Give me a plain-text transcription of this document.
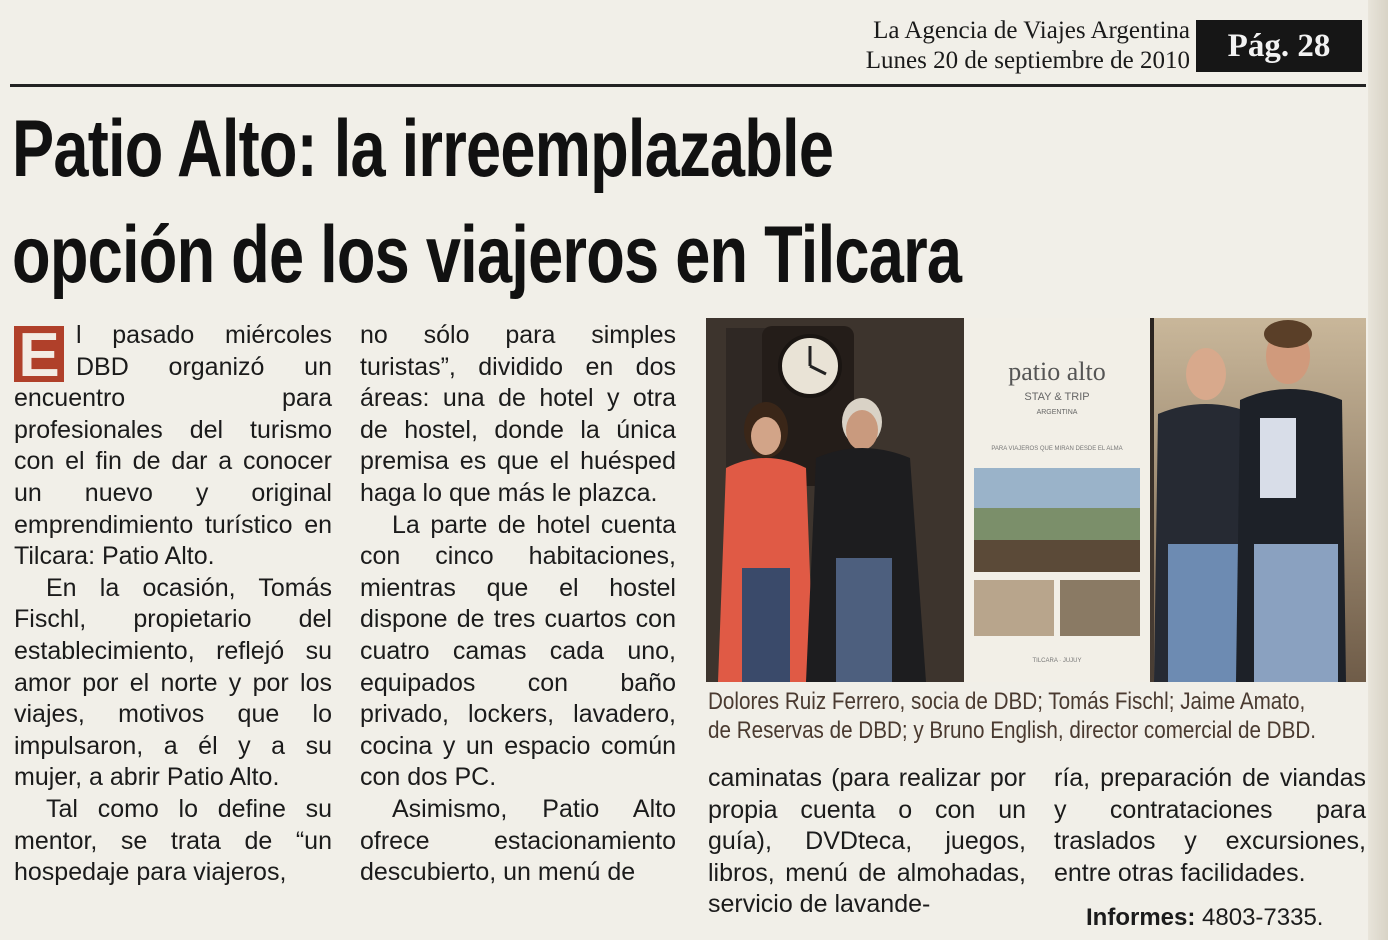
La Agencia de Viajes Argentina
Lunes 20 de septiembre de 2010	Pág. 28
Patio Alto: la irreemplazable
opción de los viajeros en Tilcara

E l pasado miércoles DBD organizó un encuentro para profesionales del turismo con el fin de dar a conocer un nuevo y original emprendimiento turístico en Tilcara: Patio Alto.

En la ocasión, Tomás Fischl, propietario del establecimiento, reflejó su amor por el norte y por los viajes, motivos que lo impulsaron, a él y a su mujer, a abrir Patio Alto.

Tal como lo define su mentor, se trata de “un hospedaje para viajeros,

no sólo para simples turistas”, dividido en dos áreas: una de hotel y otra de hostel, donde la única premisa es que el huésped haga lo que más le plazca.

La parte de hotel cuenta con cinco habitaciones, mientras que el hostel dispone de tres cuartos con cuatro camas cada uno, equipados con baño privado, lockers, lavadero, cocina y un espacio común con dos PC.

Asimismo, Patio Alto ofrece estacionamiento descubierto, un menú de

patio alto
STAY & TRIP
ARGENTINA
PARA VIAJEROS QUE MIRAN DESDE EL ALMA
TILCARA · JUJUY
Dolores Ruiz Ferrero, socia de DBD; Tomás Fischl; Jaime Amato,
de Reservas de DBD; y Bruno English, director comercial de DBD.

caminatas (para realizar por propia cuenta o con un guía), DVDteca, juegos, libros, menú de almohadas, servicio de lavande-

ría, preparación de viandas y contrataciones para traslados y excursiones, entre otras facilidades.

Informes: 4803-7335.
